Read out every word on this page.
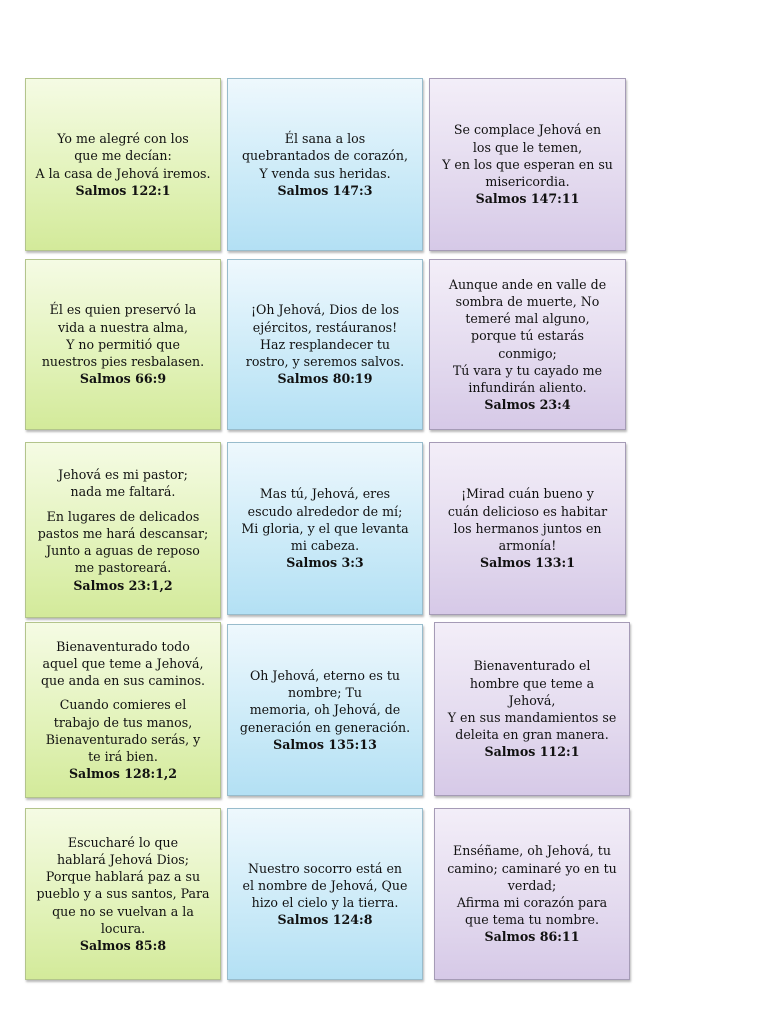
Yo me alegré con los
que me decían:
A la casa de Jehová iremos.
Salmos 122:1
Él sana a los
quebrantados de corazón,
Y venda sus heridas.
Salmos 147:3
Se complace Jehová en
los que le temen,
Y en los que esperan en su
misericordia.
Salmos 147:11
Él es quien preservó la
vida a nuestra alma,
Y no permitió que
nuestros pies resbalasen.
Salmos 66:9
¡Oh Jehová, Dios de los
ejércitos, restáuranos!
Haz resplandecer tu
rostro, y seremos salvos.
Salmos 80:19
Aunque ande en valle de
sombra de muerte, No
temeré mal alguno,
porque tú estarás
conmigo;
Tú vara y tu cayado me
infundirán aliento.
Salmos 23:4
Jehová es mi pastor;
nada me faltará.
En lugares de delicados
pastos me hará descansar;
Junto a aguas de reposo
me pastoreará.
Salmos 23:1,2
Mas tú, Jehová, eres
escudo alrededor de mí;
Mi gloria, y el que levanta
mi cabeza.
Salmos 3:3
¡Mirad cuán bueno y
cuán delicioso es habitar
los hermanos juntos en
armonía!
Salmos 133:1
Bienaventurado todo
aquel que teme a Jehová,
que anda en sus caminos.
Cuando comieres el
trabajo de tus manos,
Bienaventurado serás, y
te irá bien.
Salmos 128:1,2
Oh Jehová, eterno es tu
nombre; Tu
memoria, oh Jehová, de
generación en generación.
Salmos 135:13
Bienaventurado el
hombre que teme a
Jehová,
Y en sus mandamientos se
deleita en gran manera.
Salmos 112:1
Escucharé lo que
hablará Jehová Dios;
Porque hablará paz a su
pueblo y a sus santos, Para
que no se vuelvan a la
locura.
Salmos 85:8
Nuestro socorro está en
el nombre de Jehová, Que
hizo el cielo y la tierra.
Salmos 124:8
Enséñame, oh Jehová, tu
camino; caminaré yo en tu
verdad;
Afirma mi corazón para
que tema tu nombre.
Salmos 86:11
